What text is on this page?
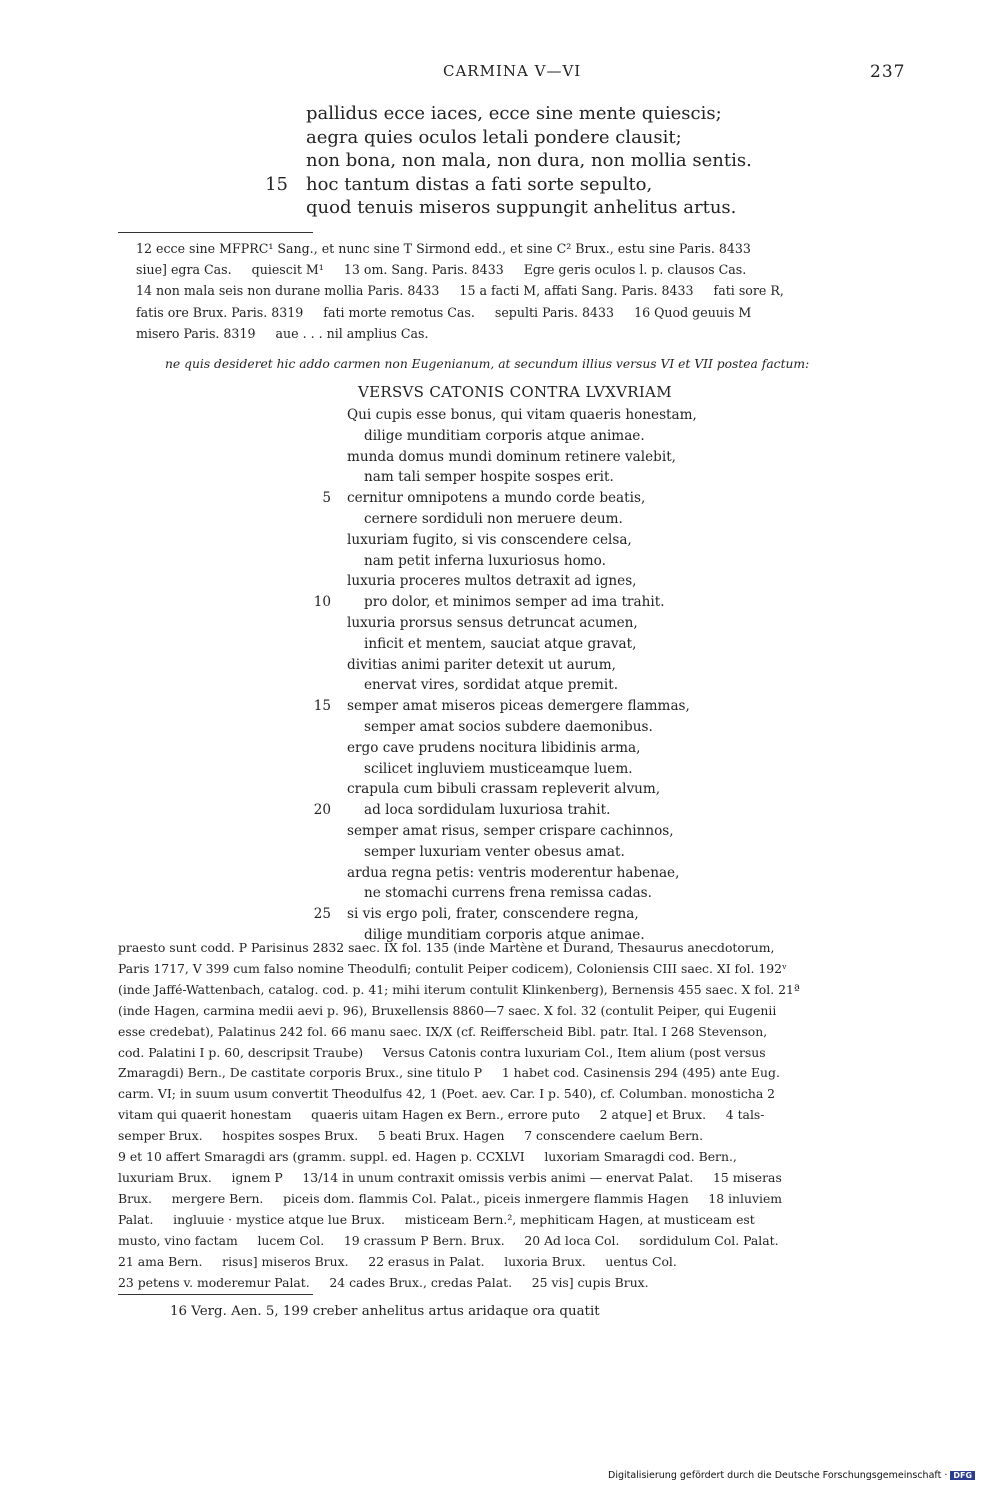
CARMINA V—VI	237
pallidus ecce iaces, ecce sine mente quiescis;
aegra quies oculos letali pondere clausit;
non bona, non mala, non dura, non mollia sentis.
15 hoc tantum distas a fati sorte sepulto,
quod tenuis miseros suppungit anhelitus artus.
12 ecce sine MFPRC¹ Sang., et nunc sine T Sirmond edd., et sine C² Brux., estu sine Paris. 8433
siue] egra Cas.     quiescit M¹     13 om. Sang. Paris. 8433     Egre geris oculos l. p. clausos Cas.
14 non mala seis non durane mollia Paris. 8433     15 a facti M, affati Sang. Paris. 8433     fati sore R,
fatis ore Brux. Paris. 8319     fati morte remotus Cas.     sepulti Paris. 8433     16 Quod geuuis M
misero Paris. 8319     aue . . . nil amplius Cas.
ne quis desideret hic addo carmen non Eugenianum, at secundum illius versus VI et VII postea factum:
VERSVS CATONIS CONTRA LVXVRIAM
Qui cupis esse bonus, qui vitam quaeris honestam,
dilige munditiam corporis atque animae.
munda domus mundi dominum retinere valebit,
nam tali semper hospite sospes erit.
5 cernitur omnipotens a mundo corde beatis,
cernere sordiduli non meruere deum.
luxuriam fugito, si vis conscendere celsa,
nam petit inferna luxuriosus homo.
luxuria proceres multos detraxit ad ignes,
10 pro dolor, et minimos semper ad ima trahit.
luxuria prorsus sensus detruncat acumen,
inficit et mentem, sauciat atque gravat,
divitias animi pariter detexit ut aurum,
enervat vires, sordidat atque premit.
15 semper amat miseros piceas demergere flammas,
semper amat socios subdere daemonibus.
ergo cave prudens nocitura libidinis arma,
scilicet ingluviem musticeamque luem.
crapula cum bibuli crassam repleverit alvum,
20 ad loca sordidulam luxuriosa trahit.
semper amat risus, semper crispare cachinnos,
semper luxuriam venter obesus amat.
ardua regna petis: ventris moderentur habenae,
ne stomachi currens frena remissa cadas.
25 si vis ergo poli, frater, conscendere regna,
dilige munditiam corporis atque animae.
praesto sunt codd. P Parisinus 2832 saec. IX fol. 135 (inde Martène et Durand, Thesaurus anecdotorum,
Paris 1717, V 399 cum falso nomine Theodulfi; contulit Peiper codicem), Coloniensis CIII saec. XI fol. 192ᵛ
(inde Jaffé-Wattenbach, catalog. cod. p. 41; mihi iterum contulit Klinkenberg), Bernensis 455 saec. X fol. 21ª
(inde Hagen, carmina medii aevi p. 96), Bruxellensis 8860—7 saec. X fol. 32 (contulit Peiper, qui Eugenii
esse credebat), Palatinus 242 fol. 66 manu saec. IX/X (cf. Reifferscheid Bibl. patr. Ital. I 268 Stevenson,
cod. Palatini I p. 60, descripsit Traube)     Versus Catonis contra luxuriam Col., Item alium (post versus
Zmaragdi) Bern., De castitate corporis Brux., sine titulo P     1 habet cod. Casinensis 294 (495) ante Eug.
carm. VI; in suum usum convertit Theodulfus 42, 1 (Poet. aev. Car. I p. 540), cf. Columban. monosticha 2
vitam qui quaerit honestam     quaeris uitam Hagen ex Bern., errore puto     2 atque] et Brux.     4 tals-
semper Brux.     hospites sospes Brux.     5 beati Brux. Hagen     7 conscendere caelum Bern.
9 et 10 affert Smaragdi ars (gramm. suppl. ed. Hagen p. CCXLVI     luxoriam Smaragdi cod. Bern.,
luxuriam Brux.     ignem P     13/14 in unum contraxit omissis verbis animi — enervat Palat.     15 miseras
Brux.     mergere Bern.     piceis dom. flammis Col. Palat., piceis inmergere flammis Hagen     18 inluviem
Palat.     ingluuie · mystice atque lue Brux.     misticeam Bern.², mephiticam Hagen, at musticeam est
musto, vino factam     lucem Col.     19 crassum P Bern. Brux.     20 Ad loca Col.     sordidulum Col. Palat.
21 ama Bern.     risus] miseros Brux.     22 erasus in Palat.     luxoria Brux.     uentus Col.
23 petens v. moderemur Palat.     24 cades Brux., credas Palat.     25 vis] cupis Brux.
16 Verg. Aen. 5, 199 creber anhelitus artus aridaque ora quatit
Digitalisierung gefördert durch die Deutsche Forschungsgemeinschaft · DFG
